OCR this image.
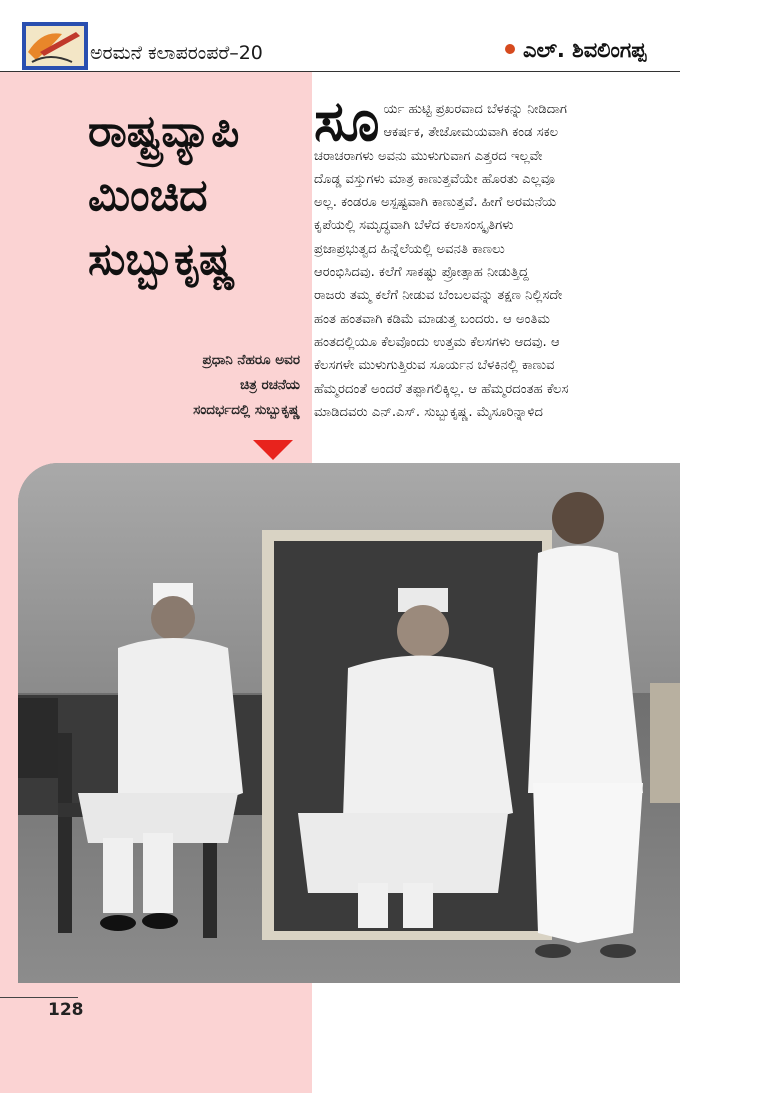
ಅರಮನೆ ಕಲಾಪರಂಪರೆ–20	ಎಲ್. ಶಿವಲಿಂಗಪ್ಪ
ರಾಷ್ಟ್ರವ್ಯಾಪಿ
ಮಿಂಚಿದ
ಸುಬ್ಬುಕೃಷ್ಣ
ಪ್ರಧಾನಿ ನೆಹರೂ ಅವರ
ಚಿತ್ರ ರಚನೆಯ
ಸಂದರ್ಭದಲ್ಲಿ ಸುಬ್ಬುಕೃಷ್ಣ
ಸೂ ರ್ಯ ಹುಟ್ಟಿ ಪ್ರಖರವಾದ ಬೆಳಕನ್ನು ನೀಡಿದಾಗ
ಆಕರ್ಷಕ, ತೇಜೋಮಯವಾಗಿ ಕಂಡ ಸಕಲ
ಚರಾಚರಾಗಳು ಅವನು ಮುಳುಗುವಾಗ ಎತ್ತರದ ಇಲ್ಲವೇ
ದೊಡ್ಡ ವಸ್ತುಗಳು ಮಾತ್ರ ಕಾಣುತ್ತವೆಯೇ ಹೊರತು ಎಲ್ಲವೂ
ಅಲ್ಲ. ಕಂಡರೂ ಅಸ್ಪಷ್ಟವಾಗಿ ಕಾಣುತ್ತವೆ. ಹೀಗೆ ಅರಮನೆಯ
ಕೃಪೆಯಲ್ಲಿ ಸಮೃದ್ಧವಾಗಿ ಬೆಳೆದ ಕಲಾಸಂಸ್ಕೃತಿಗಳು
ಪ್ರಜಾಪ್ರಭುತ್ವದ ಹಿನ್ನೆಲೆಯಲ್ಲಿ ಅವನತಿ ಕಾಣಲು
ಆರಂಭಿಸಿದವು. ಕಲೆಗೆ ಸಾಕಷ್ಟು ಪ್ರೋತ್ಸಾಹ ನೀಡುತ್ತಿದ್ದ
ರಾಜರು ತಮ್ಮ ಕಲೆಗೆ ನೀಡುವ ಬೆಂಬಲವನ್ನು ತಕ್ಷಣ ನಿಲ್ಲಿಸದೇ
ಹಂತ ಹಂತವಾಗಿ ಕಡಿಮೆ ಮಾಡುತ್ತ ಬಂದರು. ಆ ಅಂತಿಮ
ಹಂತದಲ್ಲಿಯೂ ಕೆಲವೊಂದು ಉತ್ತಮ ಕೆಲಸಗಳು ಆದವು. ಆ
ಕೆಲಸಗಳೇ ಮುಳುಗುತ್ತಿರುವ ಸೂರ್ಯನ ಬೆಳಕಿನಲ್ಲಿ ಕಾಣುವ
ಹೆಮ್ಮರದಂತೆ ಅಂದರೆ ತಪ್ಪಾಗಲಿಕ್ಕಿಲ್ಲ. ಆ ಹೆಮ್ಮರದಂತಹ ಕೆಲಸ
ಮಾಡಿದವರು ಎನ್.ಎಸ್. ಸುಬ್ಬುಕೃಷ್ಣ. ಮೈಸೂರಿನ್ನಾಳಿದ
128
